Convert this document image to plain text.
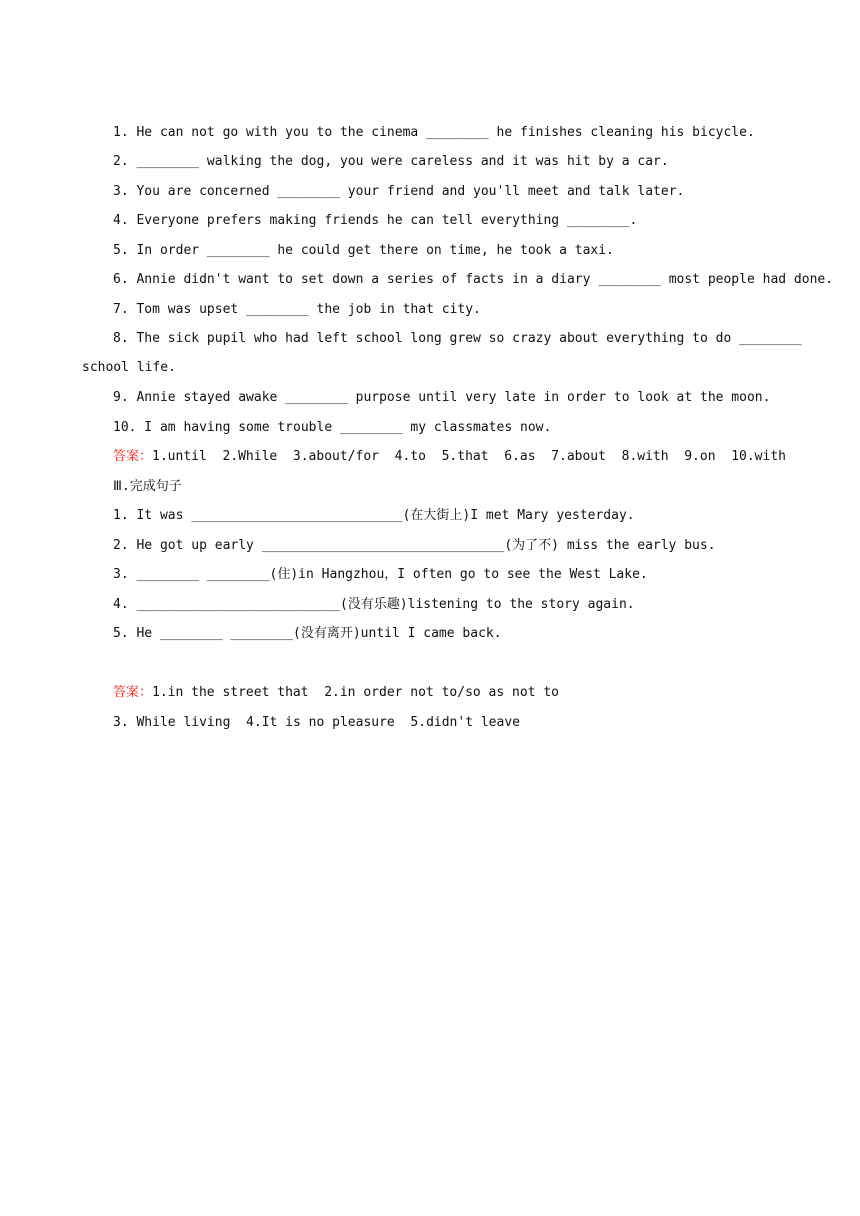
1. He can not go with you to the cinema ________ he finishes cleaning his bicycle.
2. ________ walking the dog, you were careless and it was hit by a car.
3. You are concerned ________ your friend and you'll meet and talk later.
4. Everyone prefers making friends he can tell everything ________.
5. In order ________ he could get there on time, he took a taxi.
6. Annie didn't want to set down a series of facts in a diary ________ most people had done.
7. Tom was upset ________ the job in that city.
8. The sick pupil who had left school long grew so crazy about everything to do ________
school life.
9. Annie stayed awake ________ purpose until very late in order to look at the moon.
10. I am having some trouble ________ my classmates now.
答案：1.until  2.While  3.about/for  4.to  5.that  6.as  7.about  8.with  9.on  10.with
Ⅲ.完成句子
1. It was ___________________________(在大街上)I met Mary yesterday.
2. He got up early _______________________________(为了不) miss the early bus.
3. ________ ________(住)in Hangzhou，I often go to see the West Lake.
4. __________________________(没有乐趣)listening to the story again.
5. He ________ ________(没有离开)until I came back.
答案：1.in the street that  2.in order not to/so as not to
3. While living  4.It is no pleasure  5.didn't leave
